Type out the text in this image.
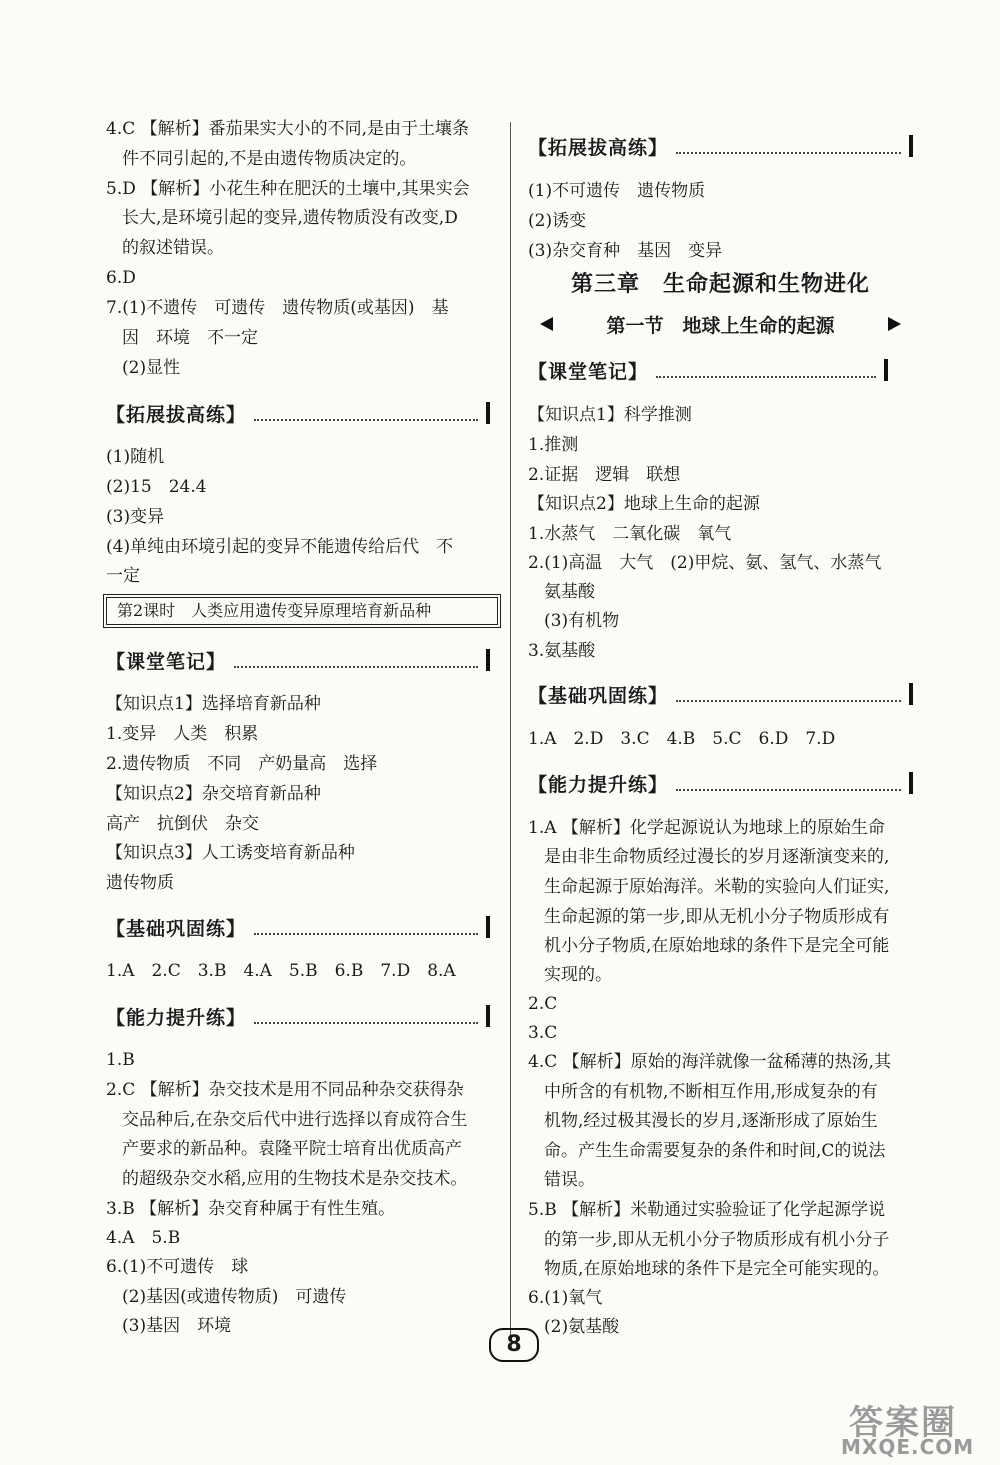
4.C 【解析】番茄果实大小的不同,是由于土壤条
件不同引起的,不是由遗传物质决定的。
5.D 【解析】小花生种在肥沃的土壤中,其果实会
长大,是环境引起的变异,遗传物质没有改变,D
的叙述错误。
6.D
7.(1)不遗传　可遗传　遗传物质(或基因)　基
因　环境　不一定
(2)显性
【拓展拔高练】
(1)随机
(2)15　24.4
(3)变异
(4)单纯由环境引起的变异不能遗传给后代　不
一定
第2课时　人类应用遗传变异原理培育新品种
【课堂笔记】
【知识点1】选择培育新品种
1.变异　人类　积累
2.遗传物质　不同　产奶量高　选择
【知识点2】杂交培育新品种
高产　抗倒伏　杂交
【知识点3】人工诱变培育新品种
遗传物质
【基础巩固练】
1.A　2.C　3.B　4.A　5.B　6.B　7.D　8.A
【能力提升练】
1.B
2.C 【解析】杂交技术是用不同品种杂交获得杂
交品种后,在杂交后代中进行选择以育成符合生
产要求的新品种。袁隆平院士培育出优质高产
的超级杂交水稻,应用的生物技术是杂交技术。
3.B 【解析】杂交育种属于有性生殖。
4.A　5.B
6.(1)不可遗传　球
(2)基因(或遗传物质)　可遗传
(3)基因　环境
【拓展拔高练】
(1)不可遗传　遗传物质
(2)诱变
(3)杂交育种　基因　变异
第三章　生命起源和生物进化
第一节　地球上生命的起源
【课堂笔记】
【知识点1】科学推测
1.推测
2.证据　逻辑　联想
【知识点2】地球上生命的起源
1.水蒸气　二氧化碳　氧气
2.(1)高温　大气　(2)甲烷、氨、氢气、水蒸气
氨基酸
(3)有机物
3.氨基酸
【基础巩固练】
1.A　2.D　3.C　4.B　5.C　6.D　7.D
【能力提升练】
1.A 【解析】化学起源说认为地球上的原始生命
是由非生命物质经过漫长的岁月逐渐演变来的,
生命起源于原始海洋。米勒的实验向人们证实,
生命起源的第一步,即从无机小分子物质形成有
机小分子物质,在原始地球的条件下是完全可能
实现的。
2.C
3.C
4.C 【解析】原始的海洋就像一盆稀薄的热汤,其
中所含的有机物,不断相互作用,形成复杂的有
机物,经过极其漫长的岁月,逐渐形成了原始生
命。产生生命需要复杂的条件和时间,C的说法
错误。
5.B 【解析】米勒通过实验验证了化学起源学说
的第一步,即从无机小分子物质形成有机小分子
物质,在原始地球的条件下是完全可能实现的。
6.(1)氧气
(2)氨基酸
8
答案圈
MXQE.COM
